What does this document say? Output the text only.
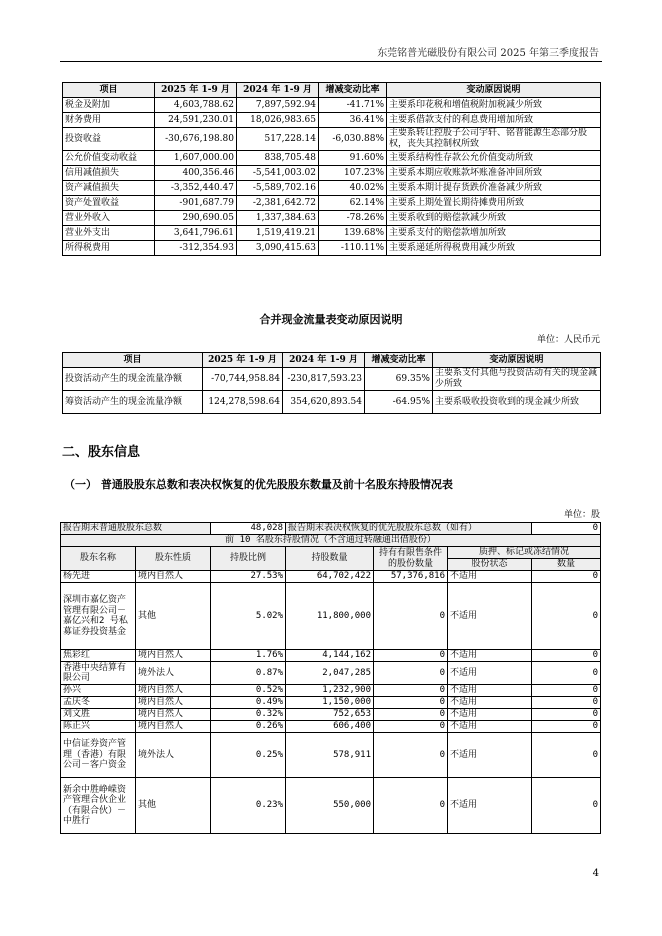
东莞铭普光磁股份有限公司 2025 年第三季度报告
项目	2025 年 1-9 月	2024 年 1-9 月	增减变动比率	变动原因说明
税金及附加	4,603,788.62	7,897,592.94	-41.71%	主要系印花税和增值税附加税减少所致
财务费用	24,591,230.01	18,026,983.65	36.41%	主要系借款支付的利息费用增加所致
投资收益	-30,676,198.80	517,228.14	-6,030.88%	主要系转让控股子公司宇轩、铭普能源生态部分股权，丧失其控制权所致
公允价值变动收益	1,607,000.00	838,705.48	91.60%	主要系结构性存款公允价值变动所致
信用减值损失	400,356.46	-5,541,003.02	107.23%	主要系本期应收账款坏账准备冲回所致
资产减值损失	-3,352,440.47	-5,589,702.16	40.02%	主要系本期计提存货跌价准备减少所致
资产处置收益	-901,687.79	-2,381,642.72	62.14%	主要系上期处置长期待摊费用所致
营业外收入	290,690.05	1,337,384.63	-78.26%	主要系收到的赔偿款减少所致
营业外支出	3,641,796.61	1,519,419.21	139.68%	主要系支付的赔偿款增加所致
所得税费用	-312,354.93	3,090,415.63	-110.11%	主要系递延所得税费用减少所致
合并现金流量表变动原因说明
单位：人民币元
项目	2025 年 1-9 月	2024 年 1-9 月	增减变动比率	变动原因说明
投资活动产生的现金流量净额	-70,744,958.84	-230,817,593.23	69.35%	主要系支付其他与投资活动有关的现金减少所致
筹资活动产生的现金流量净额	124,278,598.64	354,620,893.54	-64.95%	主要系吸收投资收到的现金减少所致
二、股东信息
（一） 普通股股东总数和表决权恢复的优先股股东数量及前十名股东持股情况表
单位：股
报告期末普通股股东总数		48,028	报告期末表决权恢复的优先股股东总数（如有）			0
前 10 名股东持股情况（不含通过转融通出借股份）						
股东名称	股东性质	持股比例	持股数量	持有有限售条件的股份数量	质押、标记或冻结情况	
					股份状态	数量
杨先进	境内自然人	27.53%	64,702,422	57,376,816	不适用	0
深圳市嘉亿资产管理有限公司－嘉亿兴和2 号私募证券投资基金	其他	5.02%	11,800,000	0	不适用	0
焦彩红	境内自然人	1.76%	4,144,162	0	不适用	0
香港中央结算有限公司	境外法人	0.87%	2,047,285	0	不适用	0
孙兴	境内自然人	0.52%	1,232,900	0	不适用	0
孟庆冬	境内自然人	0.49%	1,150,000	0	不适用	0
刘文胜	境内自然人	0.32%	752,653	0	不适用	0
陈正兴	境内自然人	0.26%	606,400	0	不适用	0
中信证券资产管理（香港）有限公司－客户资金	境外法人	0.25%	578,911	0	不适用	0
新余中胜峥嵘资产管理合伙企业（有限合伙）－中胜行	其他	0.23%	550,000	0	不适用	0
4
